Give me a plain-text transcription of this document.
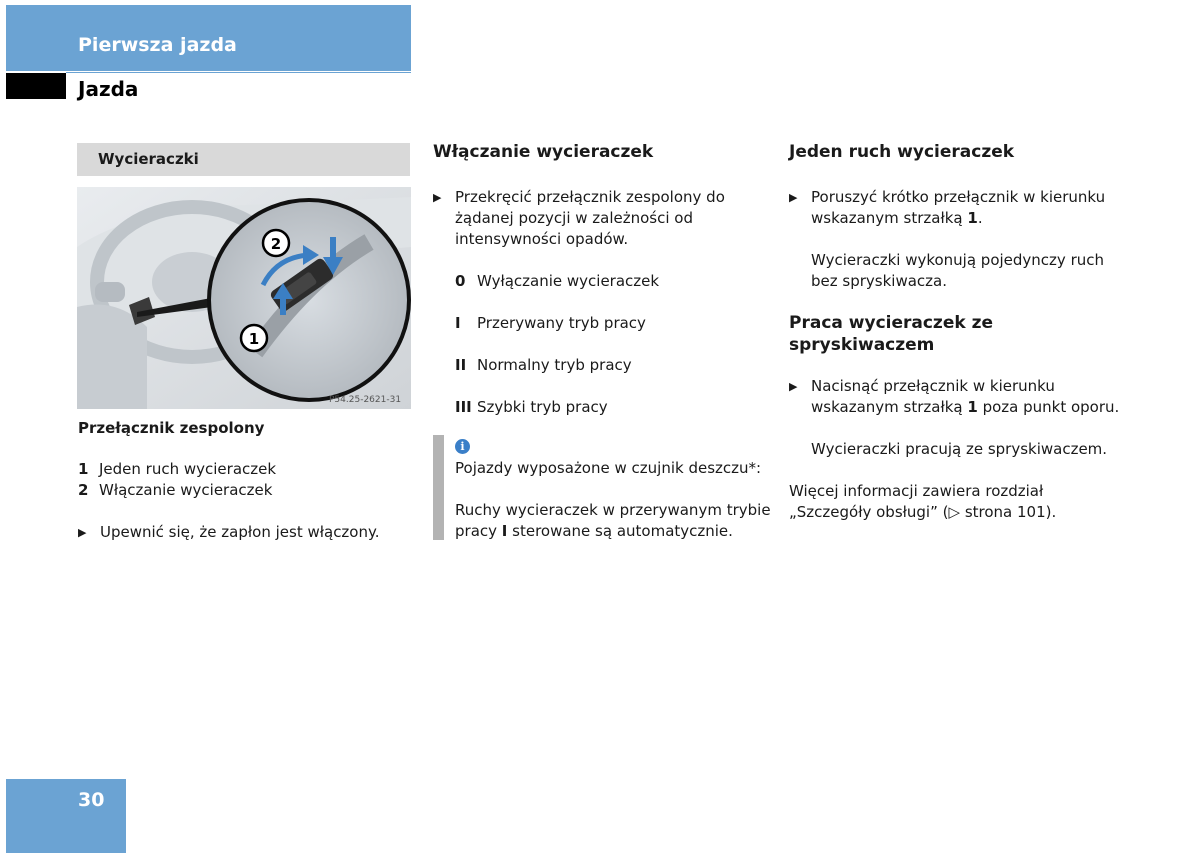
Pierwsza jazda
Jazda
Wycieraczki
2
1
P54.25-2621-31
Przełącznik zespolony
1 Jeden ruch wycieraczek
2 Włączanie wycieraczek
▶ Upewnić się, że zapłon jest włączony.
Włączanie wycieraczek
▶ Przekręcić przełącznik zespolony do żądanej pozycji w zależności od intensywności opadów.
0 Wyłączanie wycieraczek
I	Przerywany tryb pracy
II Normalny tryb pracy
III Szybki tryb pracy
i
Pojazdy wyposażone w czujnik deszczu*:
Ruchy wycieraczek w przerywanym trybie pracy I sterowane są automatycznie.
Jeden ruch wycieraczek
▶ Poruszyć krótko przełącznik w kierunku wskazanym strzałką 1.
Wycieraczki wykonują pojedynczy ruch bez spryskiwacza.
Praca wycieraczek ze spryskiwaczem
▶ Nacisnąć przełącznik w kierunku wskazanym strzałką 1 poza punkt oporu.
Wycieraczki pracują ze spryskiwaczem.
Więcej informacji zawiera rozdział „Szczegóły obsługi” (▷ strona 101).
30
